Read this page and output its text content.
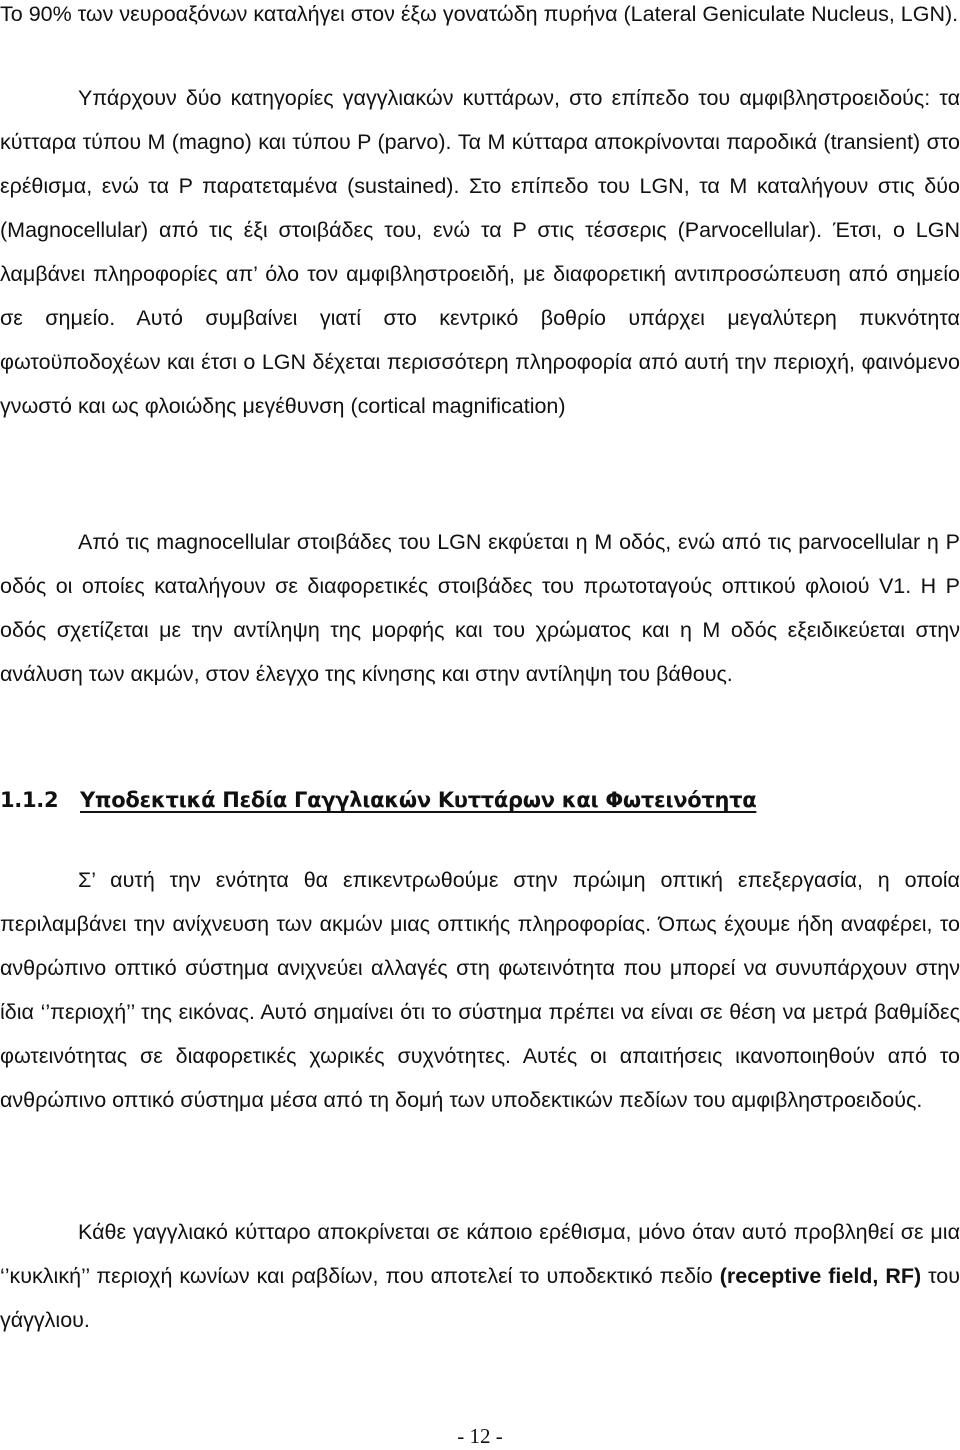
Το 90% των νευροαξόνων καταλήγει στον έξω γονατώδη πυρήνα (Lateral Geniculate Nucleus, LGN).

Υπάρχουν δύο κατηγορίες γαγγλιακών κυττάρων, στο επίπεδο του αμφιβληστροειδούς: τα κύτταρα τύπου Μ (magno) και τύπου P (parvo). Τα Μ κύτταρα αποκρίνονται παροδικά (transient) στο ερέθισμα, ενώ τα P παρατεταμένα (sustained). Στο επίπεδο του LGN, τα M καταλήγουν στις δύο (Magnocellular) από τις έξι στοιβάδες του, ενώ τα P στις τέσσερις (Parvocellular). Έτσι, ο LGN λαμβάνει πληροφορίες απ’ όλο τον αμφιβληστροειδή, με διαφορετική αντιπροσώπευση από σημείο σε σημείο. Αυτό συμβαίνει γιατί στο κεντρικό βοθρίο υπάρχει μεγαλύτερη πυκνότητα φωτοϋποδοχέων και έτσι ο LGN δέχεται περισσότερη πληροφορία από αυτή την περιοχή, φαινόμενο γνωστό και ως φλοιώδης μεγέθυνση (cortical magnification)

Από τις magnocellular στοιβάδες του LGN εκφύεται η Μ οδός, ενώ από τις parvocellular η P οδός οι οποίες καταλήγουν σε διαφορετικές στοιβάδες του πρωτοταγούς οπτικού φλοιού V1. Η P οδός σχετίζεται με την αντίληψη της μορφής και του χρώματος και η Μ οδός εξειδικεύεται στην ανάλυση των ακμών, στον έλεγχο της κίνησης και στην αντίληψη του βάθους.

1.1.2 Υποδεκτικά Πεδία Γαγγλιακών Κυττάρων και Φωτεινότητα

Σ’ αυτή την ενότητα θα επικεντρωθούμε στην πρώιμη οπτική επεξεργασία, η οποία περιλαμβάνει την ανίχνευση των ακμών μιας οπτικής πληροφορίας. Όπως έχουμε ήδη αναφέρει, το ανθρώπινο οπτικό σύστημα ανιχνεύει αλλαγές στη φωτεινότητα που μπορεί να συνυπάρχουν στην ίδια ‘’περιοχή’’ της εικόνας. Αυτό σημαίνει ότι το σύστημα πρέπει να είναι σε θέση να μετρά βαθμίδες φωτεινότητας σε διαφορετικές χωρικές συχνότητες. Αυτές οι απαιτήσεις ικανοποιηθούν από το ανθρώπινο οπτικό σύστημα μέσα από τη δομή των υποδεκτικών πεδίων του αμφιβληστροειδούς.

Κάθε γαγγλιακό κύτταρο αποκρίνεται σε κάποιο ερέθισμα, μόνο όταν αυτό προβληθεί σε μια ‘’κυκλική’’ περιοχή κωνίων και ραβδίων, που αποτελεί το υποδεκτικό πεδίο (receptive field, RF) του γάγγλιου.

- 12 -
